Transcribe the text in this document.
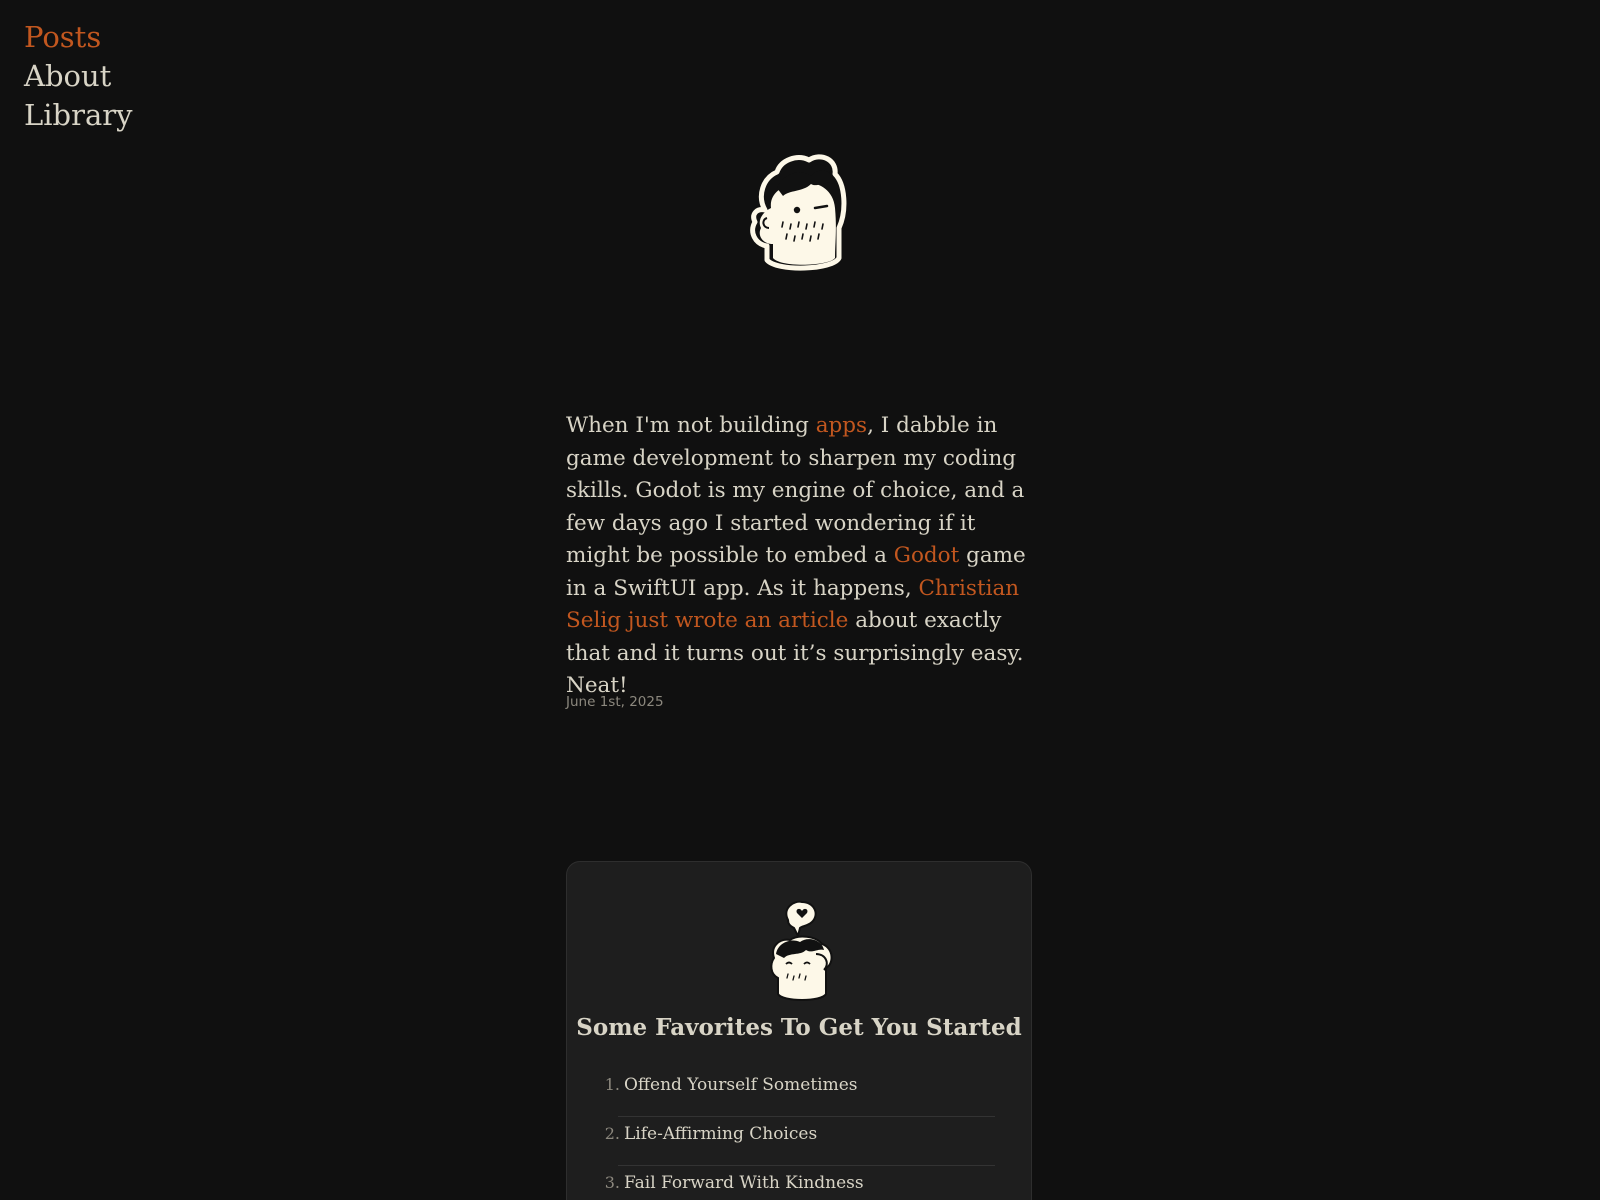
Posts
About
Library

When I'm not building apps, I dabble in game development to sharpen my coding skills. Godot is my engine of choice, and a few days ago I started wondering if it might be possible to embed a Godot game in a SwiftUI app. As it happens, Christian Selig just wrote an article about exactly that and it turns out it’s surprisingly easy. Neat!

June 1st, 2025
Some Favorites To Get You Started
1. Offend Yourself Sometimes
2. Life-Affirming Choices
3. Fail Forward With Kindness
